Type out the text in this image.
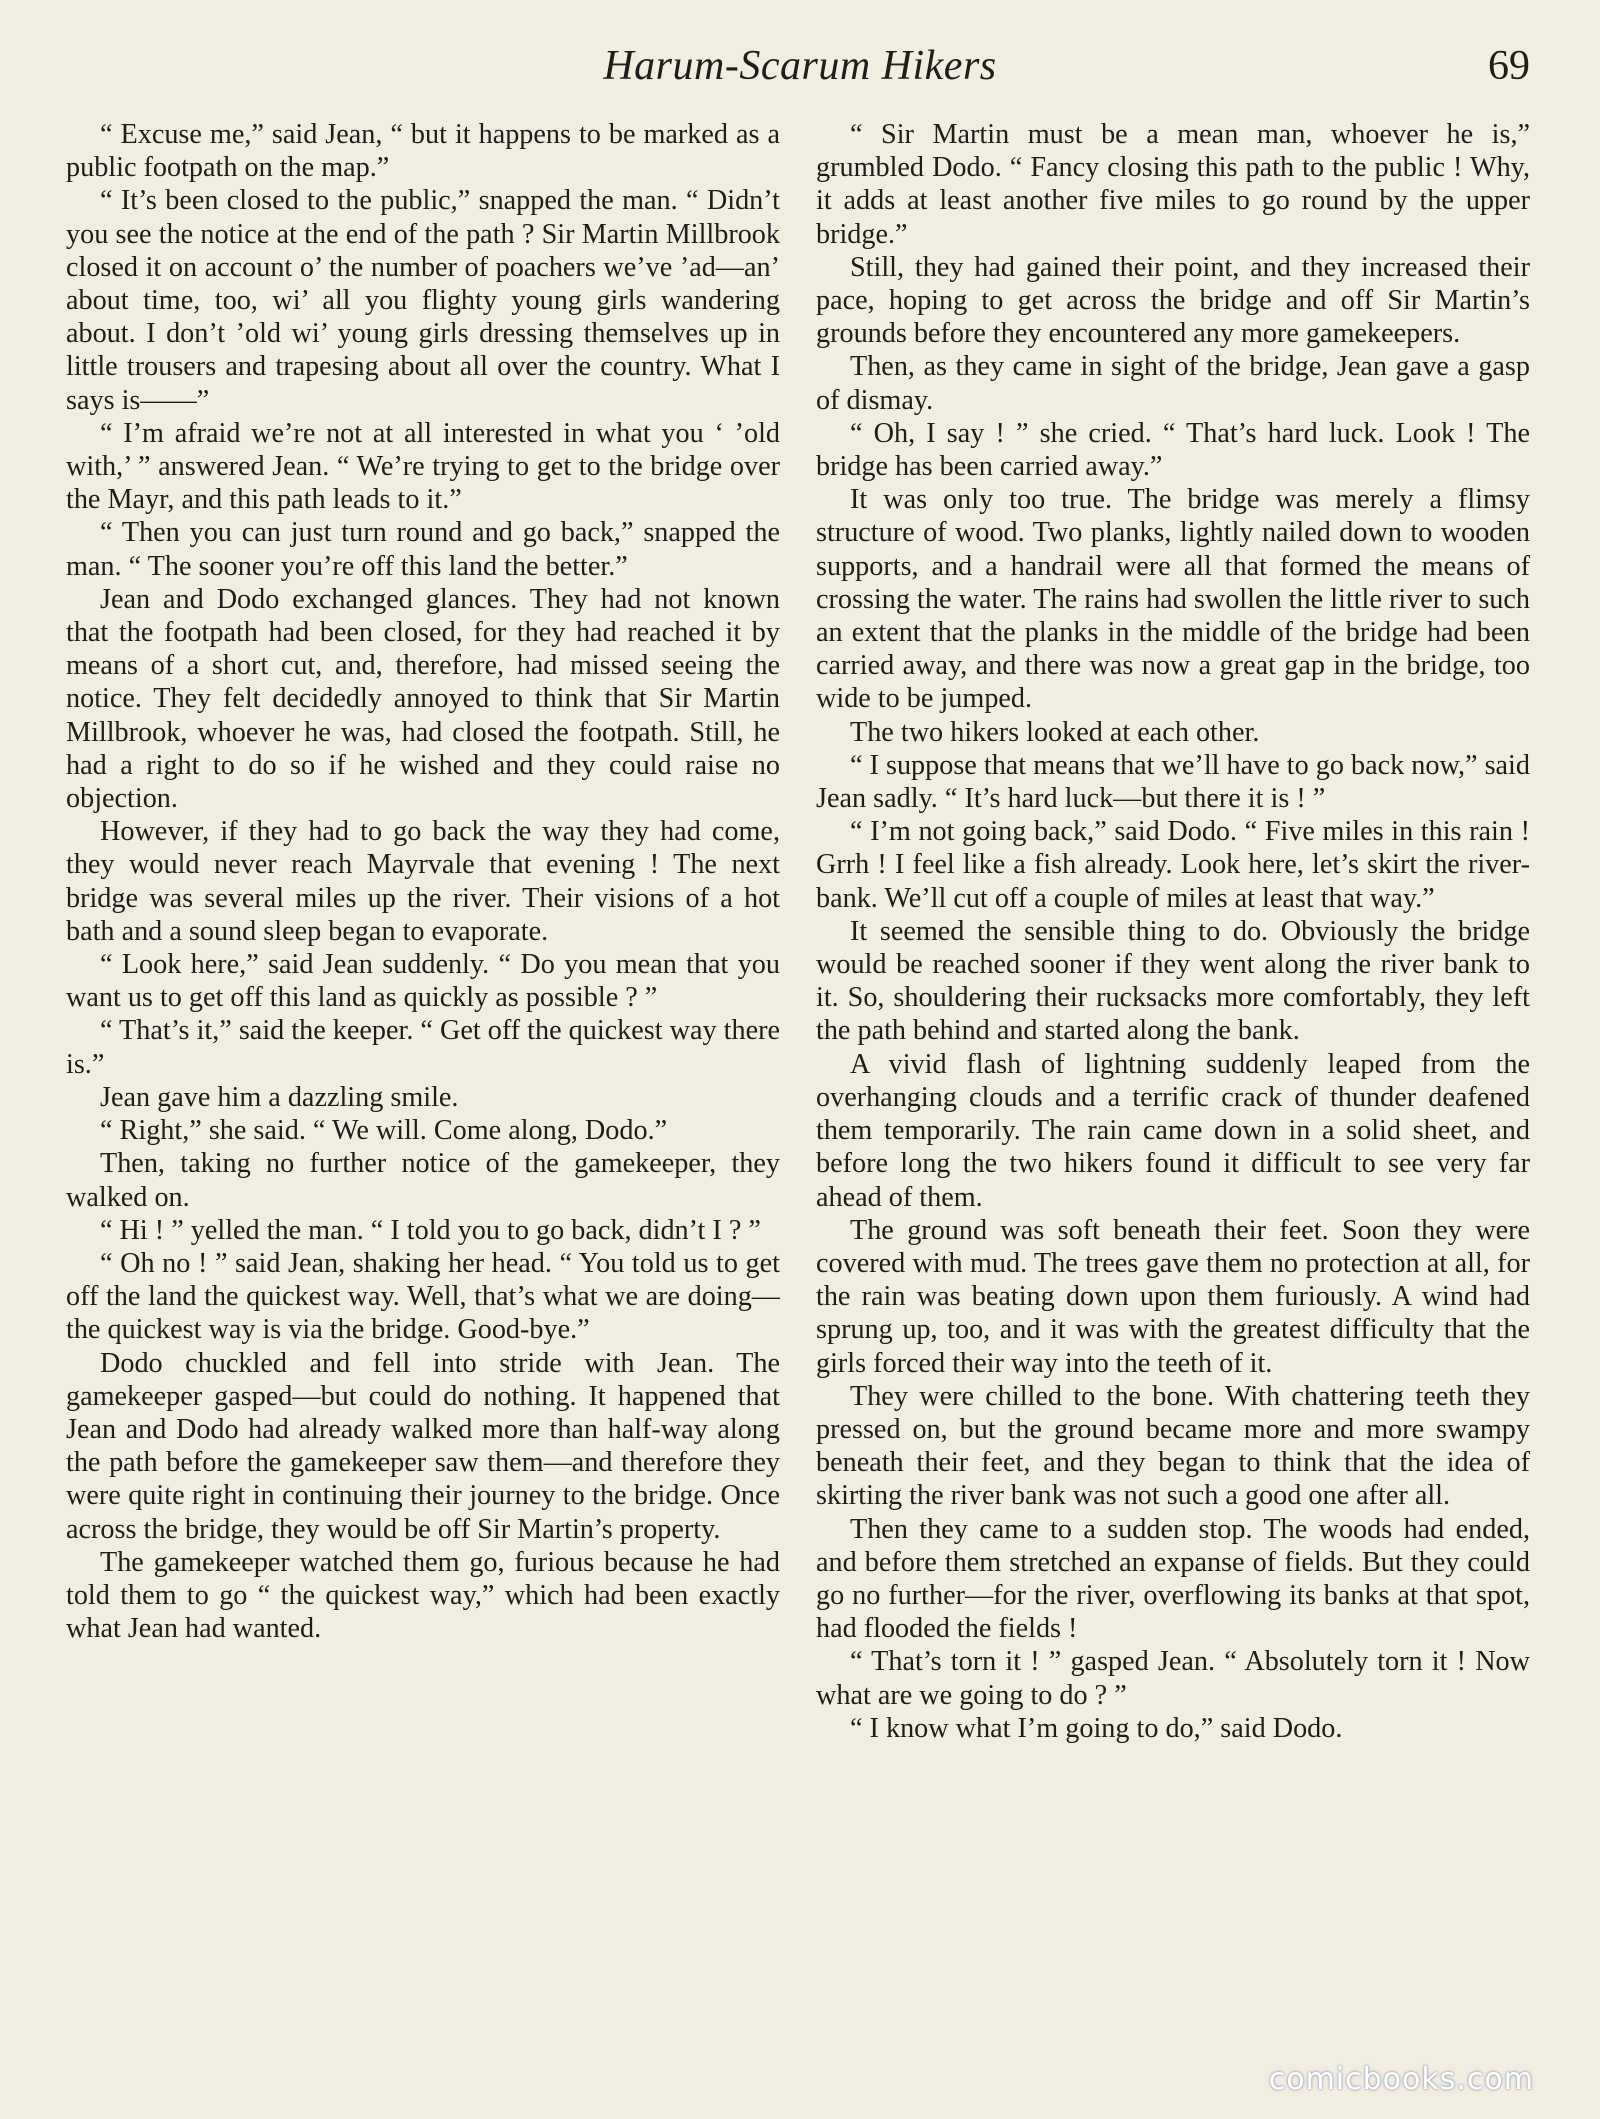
Harum-Scarum Hikers	69

“ Excuse me,” said Jean, “ but it happens to be marked as a public footpath on the map.”

“ It’s been closed to the public,” snapped the man. “ Didn’t you see the notice at the end of the path ? Sir Martin Millbrook closed it on account o’ the number of poachers we’ve ’ad—an’ about time, too, wi’ all you flighty young girls wandering about. I don’t ’old wi’ young girls dressing themselves up in little trousers and trapesing about all over the country. What I says is——”

“ I’m afraid we’re not at all interested in what you ‘ ’old with,’ ” answered Jean. “ We’re trying to get to the bridge over the Mayr, and this path leads to it.”

“ Then you can just turn round and go back,” snapped the man. “ The sooner you’re off this land the better.”

Jean and Dodo exchanged glances. They had not known that the footpath had been closed, for they had reached it by means of a short cut, and, therefore, had missed seeing the notice. They felt decidedly annoyed to think that Sir Martin Millbrook, whoever he was, had closed the footpath. Still, he had a right to do so if he wished and they could raise no objection.

However, if they had to go back the way they had come, they would never reach Mayrvale that evening ! The next bridge was several miles up the river. Their visions of a hot bath and a sound sleep began to evaporate.

“ Look here,” said Jean suddenly. “ Do you mean that you want us to get off this land as quickly as possible ? ”

“ That’s it,” said the keeper. “ Get off the quickest way there is.”

Jean gave him a dazzling smile.

“ Right,” she said. “ We will. Come along, Dodo.”

Then, taking no further notice of the gamekeeper, they walked on.

“ Hi ! ” yelled the man. “ I told you to go back, didn’t I ? ”

“ Oh no ! ” said Jean, shaking her head. “ You told us to get off the land the quickest way. Well, that’s what we are doing—the quickest way is via the bridge. Good-bye.”

Dodo chuckled and fell into stride with Jean. The gamekeeper gasped—but could do nothing. It happened that Jean and Dodo had already walked more than half-way along the path before the gamekeeper saw them—and therefore they were quite right in continuing their journey to the bridge. Once across the bridge, they would be off Sir Martin’s property.

The gamekeeper watched them go, furious because he had told them to go “ the quickest way,” which had been exactly what Jean had wanted.

“ Sir Martin must be a mean man, whoever he is,” grumbled Dodo. “ Fancy closing this path to the public ! Why, it adds at least another five miles to go round by the upper bridge.”

Still, they had gained their point, and they increased their pace, hoping to get across the bridge and off Sir Martin’s grounds before they encountered any more gamekeepers.

Then, as they came in sight of the bridge, Jean gave a gasp of dismay.

“ Oh, I say ! ” she cried. “ That’s hard luck. Look ! The bridge has been carried away.”

It was only too true. The bridge was merely a flimsy structure of wood. Two planks, lightly nailed down to wooden supports, and a handrail were all that formed the means of crossing the water. The rains had swollen the little river to such an extent that the planks in the middle of the bridge had been carried away, and there was now a great gap in the bridge, too wide to be jumped.

The two hikers looked at each other.

“ I suppose that means that we’ll have to go back now,” said Jean sadly. “ It’s hard luck—but there it is ! ”

“ I’m not going back,” said Dodo. “ Five miles in this rain ! Grrh ! I feel like a fish already. Look here, let’s skirt the river-bank. We’ll cut off a couple of miles at least that way.”

It seemed the sensible thing to do. Obviously the bridge would be reached sooner if they went along the river bank to it. So, shouldering their rucksacks more comfortably, they left the path behind and started along the bank.

A vivid flash of lightning suddenly leaped from the overhanging clouds and a terrific crack of thunder deafened them temporarily. The rain came down in a solid sheet, and before long the two hikers found it difficult to see very far ahead of them.

The ground was soft beneath their feet. Soon they were covered with mud. The trees gave them no protection at all, for the rain was beating down upon them furiously. A wind had sprung up, too, and it was with the greatest difficulty that the girls forced their way into the teeth of it.

They were chilled to the bone. With chattering teeth they pressed on, but the ground became more and more swampy beneath their feet, and they began to think that the idea of skirting the river bank was not such a good one after all.

Then they came to a sudden stop. The woods had ended, and before them stretched an expanse of fields. But they could go no further—for the river, overflowing its banks at that spot, had flooded the fields !

“ That’s torn it ! ” gasped Jean. “ Absolutely torn it ! Now what are we going to do ? ”

“ I know what I’m going to do,” said Dodo.

comicbooks.com
